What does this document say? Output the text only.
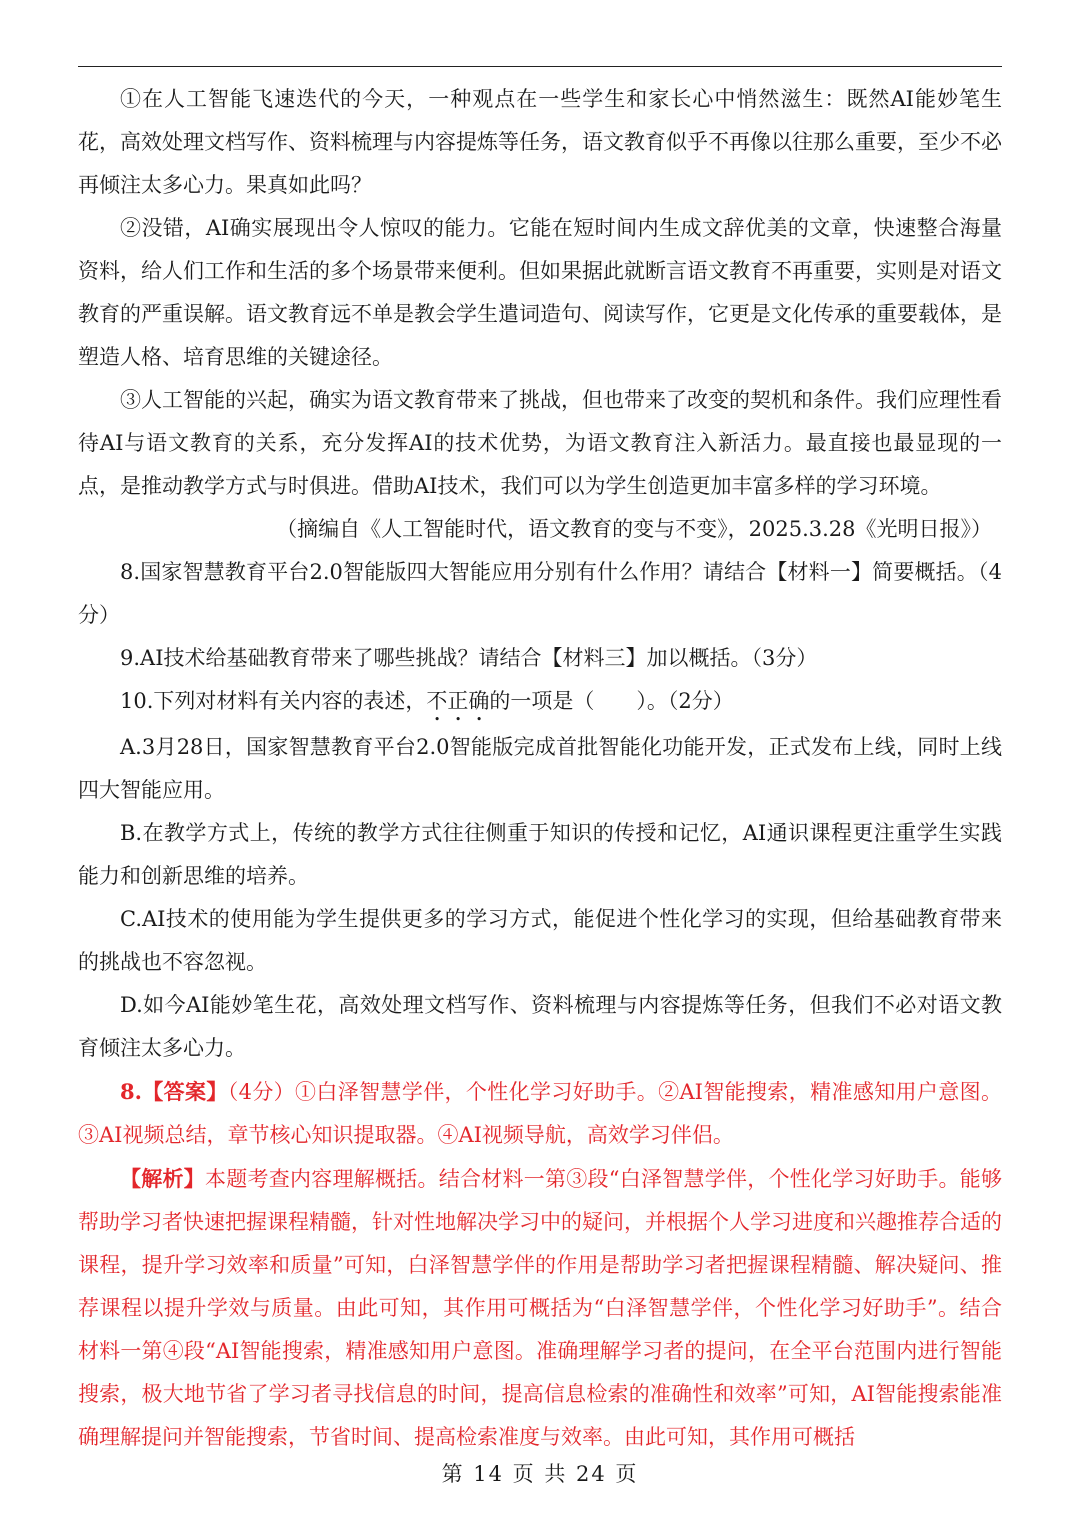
①在人工智能飞速迭代的今天，一种观点在一些学生和家长心中悄然滋生：既然AI能妙笔生花，高效处理文档写作、资料梳理与内容提炼等任务，语文教育似乎不再像以往那么重要，至少不必再倾注太多心力。果真如此吗？

②没错，AI确实展现出令人惊叹的能力。它能在短时间内生成文辞优美的文章，快速整合海量资料，给人们工作和生活的多个场景带来便利。但如果据此就断言语文教育不再重要，实则是对语文教育的严重误解。语文教育远不单是教会学生遣词造句、阅读写作，它更是文化传承的重要载体，是塑造人格、培育思维的关键途径。

③人工智能的兴起，确实为语文教育带来了挑战，但也带来了改变的契机和条件。我们应理性看待AI与语文教育的关系，充分发挥AI的技术优势，为语文教育注入新活力。最直接也最显现的一点，是推动教学方式与时俱进。借助AI技术，我们可以为学生创造更加丰富多样的学习环境。

（摘编自《人工智能时代，语文教育的变与不变》，2025.3.28《光明日报》）

8.国家智慧教育平台2.0智能版四大智能应用分别有什么作用？请结合【材料一】简要概括。（4分）

9.AI技术给基础教育带来了哪些挑战？请结合【材料三】加以概括。（3分）

10.下列对材料有关内容的表述，不正确的一项是（　　）。（2分）

A.3月28日，国家智慧教育平台2.0智能版完成首批智能化功能开发，正式发布上线，同时上线四大智能应用。

B.在教学方式上，传统的教学方式往往侧重于知识的传授和记忆，AI通识课程更注重学生实践能力和创新思维的培养。

C.AI技术的使用能为学生提供更多的学习方式，能促进个性化学习的实现，但给基础教育带来的挑战也不容忽视。

D.如今AI能妙笔生花，高效处理文档写作、资料梳理与内容提炼等任务，但我们不必对语文教育倾注太多心力。

8.【答案】（4分）①白泽智慧学伴，个性化学习好助手。②AI智能搜索，精准感知用户意图。③AI视频总结，章节核心知识提取器。④AI视频导航，高效学习伴侣。

【解析】本题考查内容理解概括。结合材料一第③段“白泽智慧学伴，个性化学习好助手。能够帮助学习者快速把握课程精髓，针对性地解决学习中的疑问，并根据个人学习进度和兴趣推荐合适的课程，提升学习效率和质量”可知，白泽智慧学伴的作用是帮助学习者把握课程精髓、解决疑问、推荐课程以提升学效与质量。由此可知，其作用可概括为“白泽智慧学伴，个性化学习好助手”。结合材料一第④段“AI智能搜索，精准感知用户意图。准确理解学习者的提问，在全平台范围内进行智能搜索，极大地节省了学习者寻找信息的时间，提高信息检索的准确性和效率”可知，AI智能搜索能准确理解提问并智能搜索，节省时间、提高检索准度与效率。由此可知，其作用可概括

第 14 页 共 24 页
